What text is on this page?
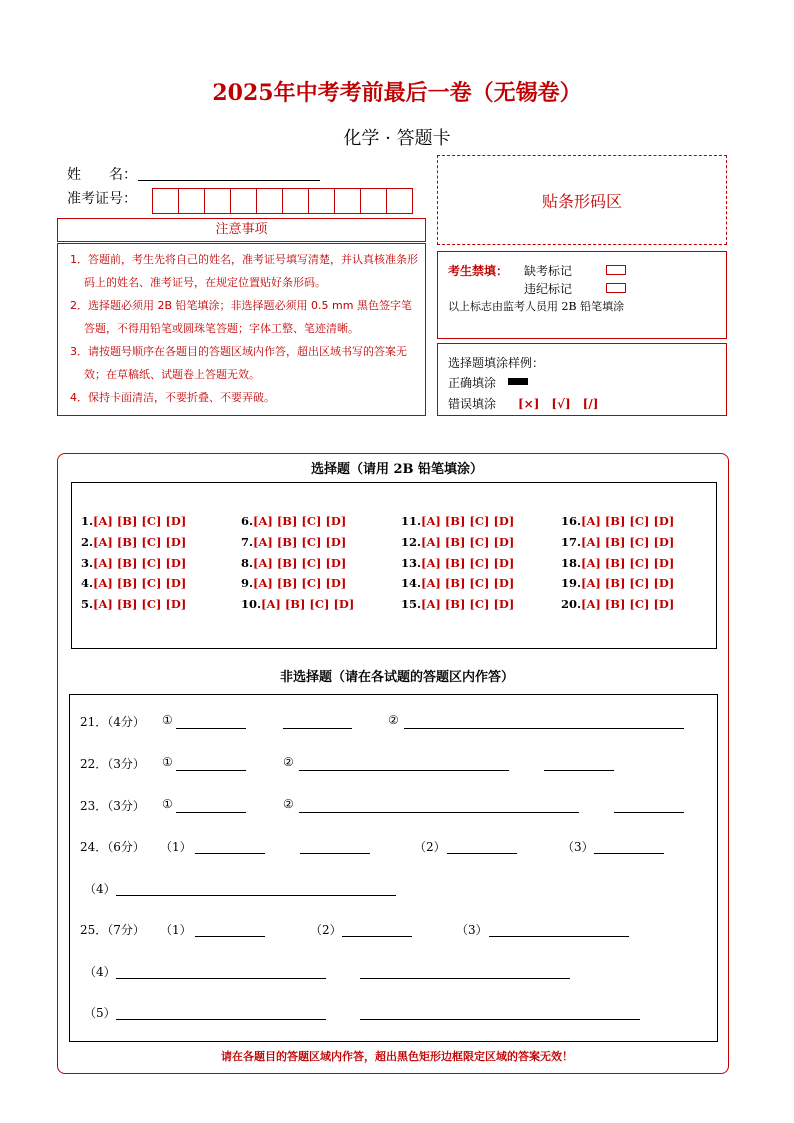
2025年中考考前最后一卷（无锡卷）
化学 · 答题卡
姓　　名：
准考证号：	贴条形码区
注意事项
1．答题前，考生先将自己的姓名，准考证号填写清楚，并认真核准条形码上的姓名、准考证号，在规定位置贴好条形码。
2．选择题必须用 2B 铅笔填涂；非选择题必须用 0.5 mm 黑色签字笔答题，不得用铅笔或圆珠笔答题；字体工整、笔迹清晰。
3．请按题号顺序在各题目的答题区域内作答，超出区域书写的答案无效；在草稿纸、试题卷上答题无效。
4．保持卡面清洁，不要折叠、不要弄破。
考生禁填： 缺考标记
违纪标记
以上标志由监考人员用 2B 铅笔填涂
选择题填涂样例：
正确填涂
错误填涂 [×]　[√]　[/]
选择题（请用 2B 铅笔填涂）
1.[A] [B] [C] [D]
2.[A] [B] [C] [D]
3.[A] [B] [C] [D]
4.[A] [B] [C] [D]
5.[A] [B] [C] [D]
6.[A] [B] [C] [D]
7.[A] [B] [C] [D]
8.[A] [B] [C] [D]
9.[A] [B] [C] [D]
10.[A] [B] [C] [D]
11.[A] [B] [C] [D]
12.[A] [B] [C] [D]
13.[A] [B] [C] [D]
14.[A] [B] [C] [D]
15.[A] [B] [C] [D]
16.[A] [B] [C] [D]
17.[A] [B] [C] [D]
18.[A] [B] [C] [D]
19.[A] [B] [C] [D]
20.[A] [B] [C] [D]
非选择题（请在各试题的答题区内作答）
21．（4分） ①	②
22．（3分） ①	②
23．（3分） ①	②
24．（6分） （1）	（2）	（3）
（4）
25．（7分） （1）	（2）	（3）
（4）
（5）
请在各题目的答题区域内作答，超出黑色矩形边框限定区域的答案无效！
